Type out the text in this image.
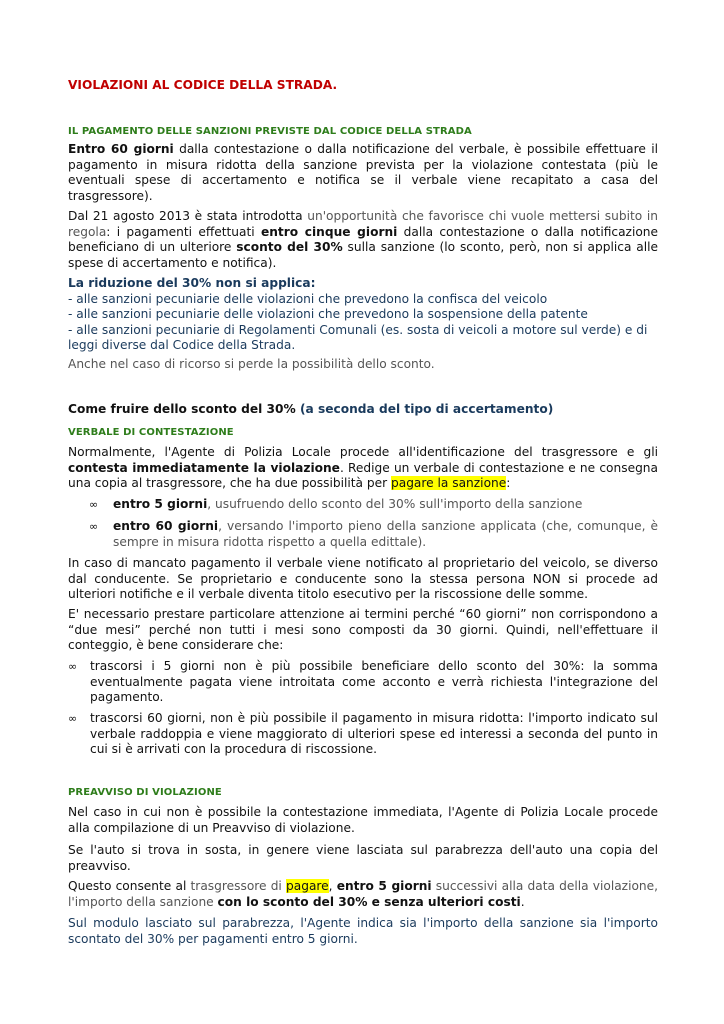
VIOLAZIONI AL CODICE DELLA STRADA.
IL PAGAMENTO DELLE SANZIONI PREVISTE DAL CODICE DELLA STRADA
Entro 60 giorni dalla contestazione o dalla notificazione del verbale, è possibile effettuare il pagamento in misura ridotta della sanzione prevista per la violazione contestata (più le eventuali spese di accertamento e notifica se il verbale viene recapitato a casa del trasgressore).
Dal 21 agosto 2013 è stata introdotta un'opportunità che favorisce chi vuole mettersi subito in regola: i pagamenti effettuati entro cinque giorni dalla contestazione o dalla notificazione beneficiano di un ulteriore sconto del 30% sulla sanzione (lo sconto, però, non si applica alle spese di accertamento e notifica).
La riduzione del 30% non si applica:
- alle sanzioni pecuniarie delle violazioni che prevedono la confisca del veicolo
- alle sanzioni pecuniarie delle violazioni che prevedono la sospensione della patente
- alle sanzioni pecuniarie di Regolamenti Comunali (es. sosta di veicoli a motore sul verde) e di leggi diverse dal Codice della Strada.
Anche nel caso di ricorso si perde la possibilità dello sconto.
Come fruire dello sconto del 30% (a seconda del tipo di accertamento)
VERBALE DI CONTESTAZIONE
Normalmente, l'Agente di Polizia Locale procede all'identificazione del trasgressore e gli contesta immediatamente la violazione. Redige un verbale di contestazione e ne consegna una copia al trasgressore, che ha due possibilità per pagare la sanzione:
∞	entro 5 giorni, usufruendo dello sconto del 30% sull'importo della sanzione
∞	entro 60 giorni, versando l'importo pieno della sanzione applicata (che, comunque, è sempre in misura ridotta rispetto a quella edittale).
In caso di mancato pagamento il verbale viene notificato al proprietario del veicolo, se diverso dal conducente. Se proprietario e conducente sono la stessa persona NON si procede ad ulteriori notifiche e il verbale diventa titolo esecutivo per la riscossione delle somme.
E' necessario prestare particolare attenzione ai termini perché “60 giorni” non corrispondono a “due mesi” perché non tutti i mesi sono composti da 30 giorni. Quindi, nell'effettuare il conteggio, è bene considerare che:
∞	trascorsi i 5 giorni non è più possibile beneficiare dello sconto del 30%: la somma eventualmente pagata viene introitata come acconto e verrà richiesta l'integrazione del pagamento.
∞	trascorsi 60 giorni, non è più possibile il pagamento in misura ridotta: l'importo indicato sul verbale raddoppia e viene maggiorato di ulteriori spese ed interessi a seconda del punto in cui si è arrivati con la procedura di riscossione.
PREAVVISO DI VIOLAZIONE
Nel caso in cui non è possibile la contestazione immediata, l'Agente di Polizia Locale procede alla compilazione di un Preavviso di violazione.
Se l'auto si trova in sosta, in genere viene lasciata sul parabrezza dell'auto una copia del preavviso.
Questo consente al trasgressore di pagare, entro 5 giorni successivi alla data della violazione, l'importo della sanzione con lo sconto del 30% e senza ulteriori costi.
Sul modulo lasciato sul parabrezza, l'Agente indica sia l'importo della sanzione sia l'importo scontato del 30% per pagamenti entro 5 giorni.
